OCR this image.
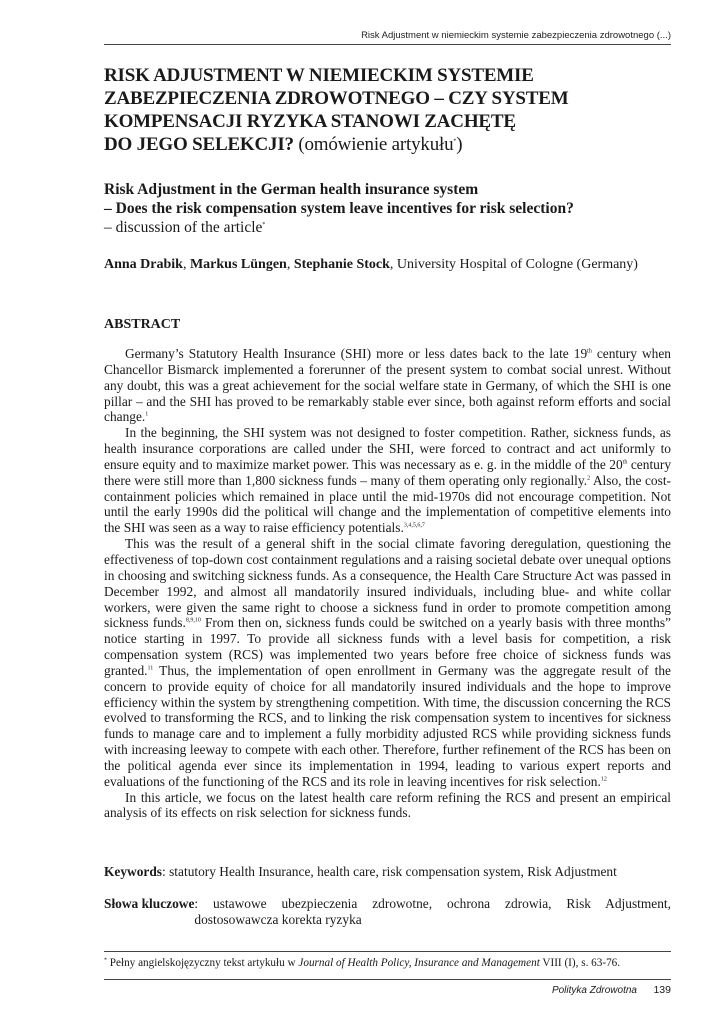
Risk Adjustment w niemieckim systemie zabezpieczenia zdrowotnego (...)
RISK ADJUSTMENT W NIEMIECKIM SYSTEMIE
ZABEZPIECZENIA ZDROWOTNEGO – CZY SYSTEM
KOMPENSACJI RYZYKA STANOWI ZACHĘTĘ
DO JEGO SELEKCJI? (omówienie artykułu*)
Risk Adjustment in the German health insurance system
– Does the risk compensation system leave incentives for risk selection?
– discussion of the article*
Anna Drabik, Markus Lüngen, Stephanie Stock, University Hospital of Cologne (Germany)
ABSTRACT

Germany’s Statutory Health Insurance (SHI) more or less dates back to the late 19th century when Chancellor Bismarck implemented a forerunner of the present system to combat social unrest. Without any doubt, this was a great achievement for the social welfare state in Germany, of which the SHI is one pillar – and the SHI has proved to be remarkably stable ever since, both against reform efforts and social change.$^1$

In the beginning, the SHI system was not designed to foster competition. Rather, sickness funds, as health insurance corporations are called under the SHI, were forced to contract and act uniformly to ensure equity and to maximize market power. This was necessary as e. g. in the middle of the 20th century there were still more than 1,800 sickness funds – many of them operating only regionally.$^2$ Also, the cost-containment policies which remained in place until the mid-1970s did not encourage competition. Not until the early 1990s did the political will change and the implementation of competitive elements into the SHI was seen as a way to raise efficiency potentials.$^{3,4,5,6,7}$

This was the result of a general shift in the social climate favoring deregulation, questioning the effectiveness of top-down cost containment regulations and a raising societal debate over unequal options in choosing and switching sickness funds. As a consequence, the Health Care Structure Act was passed in December 1992, and almost all mandatorily insured individuals, including blue- and white collar workers, were given the same right to choose a sickness fund in order to promote competition among sickness funds.$^{8,9,10}$ From then on, sickness funds could be switched on a yearly basis with three months” notice starting in 1997. To provide all sickness funds with a level basis for competition, a risk compensation system (RCS) was implemented two years before free choice of sickness funds was granted.$^{11}$ Thus, the implementation of open enrollment in Germany was the aggregate result of the concern to provide equity of choice for all mandatorily insured individuals and the hope to improve efficiency within the system by strengthening competition. With time, the discussion concerning the RCS evolved to transforming the RCS, and to linking the risk compensation system to incentives for sickness funds to manage care and to implement a fully morbidity adjusted RCS while providing sickness funds with increasing leeway to compete with each other. Therefore, further refinement of the RCS has been on the political agenda ever since its implementation in 1994, leading to various expert reports and evaluations of the functioning of the RCS and its role in leaving incentives for risk selection.$^{12}$

In this article, we focus on the latest health care reform refining the RCS and present an empirical analysis of its effects on risk selection for sickness funds.

Keywords: statutory Health Insurance, health care, risk compensation system, Risk Adjustment
Słowa kluczowe : ustawowe ubezpieczenia zdrowotne, ochrona zdrowia, Risk Adjustment, dostosowawcza korekta ryzyka
* Pełny angielskojęzyczny tekst artykułu w Journal of Health Policy, Insurance and Management VIII (I), s. 63-76.
Polityka Zdrowotna	139
